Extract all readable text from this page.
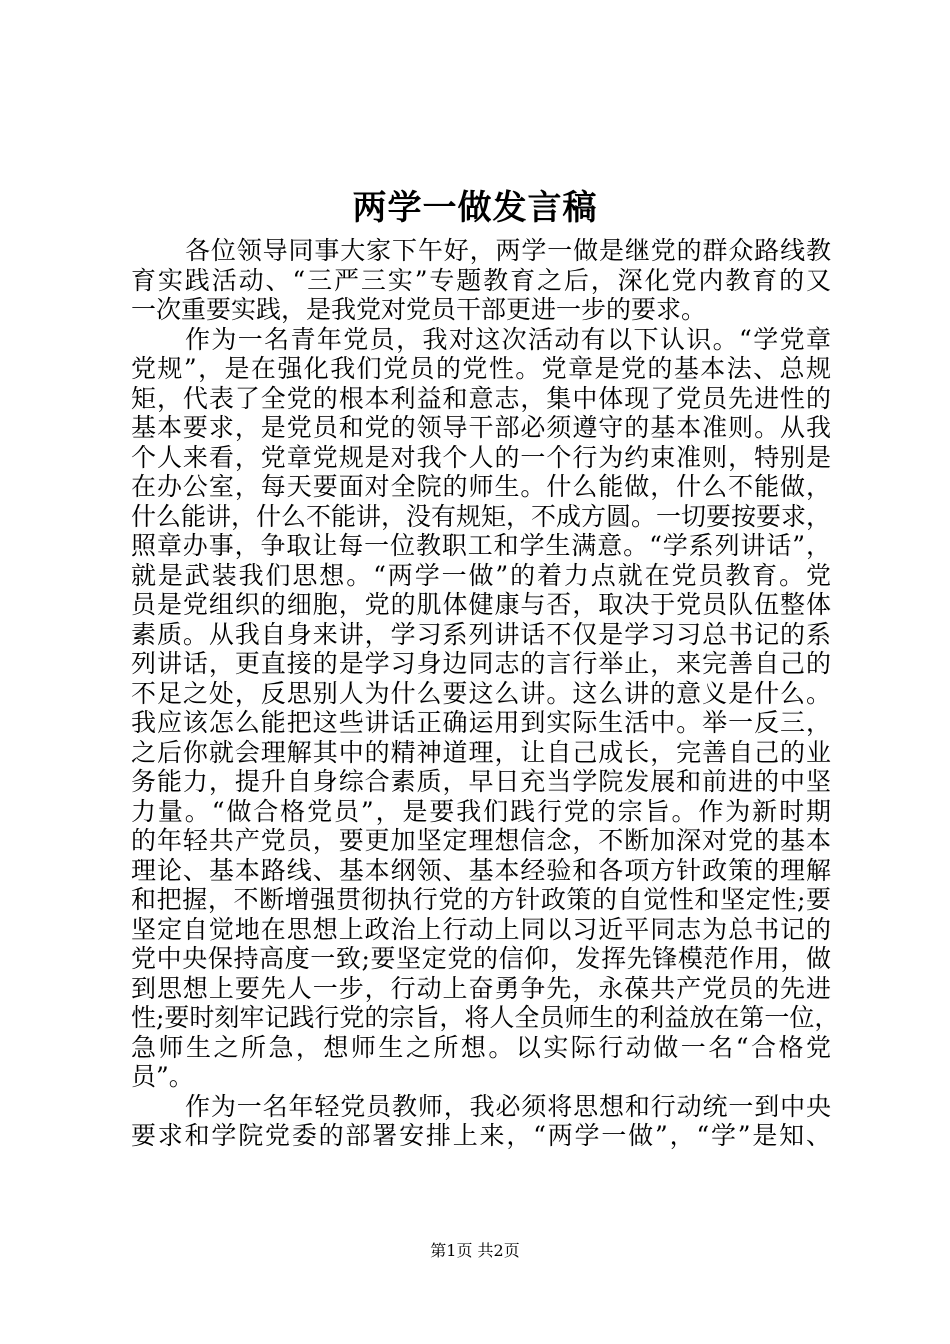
两学一做发言稿
各位领导同事大家下午好，两学一做是继党的群众路线教
育实践活动、“三严三实”专题教育之后，深化党内教育的又
一次重要实践，是我党对党员干部更进一步的要求。
作为一名青年党员，我对这次活动有以下认识。“学党章
党规”，是在强化我们党员的党性。党章是党的基本法、总规
矩，代表了全党的根本利益和意志，集中体现了党员先进性的
基本要求，是党员和党的领导干部必须遵守的基本准则。从我
个人来看，党章党规是对我个人的一个行为约束准则，特别是
在办公室，每天要面对全院的师生。什么能做，什么不能做，
什么能讲，什么不能讲，没有规矩，不成方圆。一切要按要求，
照章办事，争取让每一位教职工和学生满意。“学系列讲话”，
就是武装我们思想。“两学一做”的着力点就在党员教育。党
员是党组织的细胞，党的肌体健康与否，取决于党员队伍整体
素质。从我自身来讲，学习系列讲话不仅是学习习总书记的系
列讲话，更直接的是学习身边同志的言行举止，来完善自己的
不足之处，反思别人为什么要这么讲。这么讲的意义是什么。
我应该怎么能把这些讲话正确运用到实际生活中。举一反三，
之后你就会理解其中的精神道理，让自己成长，完善自己的业
务能力，提升自身综合素质，早日充当学院发展和前进的中坚
力量。“做合格党员”，是要我们践行党的宗旨。作为新时期
的年轻共产党员，要更加坚定理想信念，不断加深对党的基本
理论、基本路线、基本纲领、基本经验和各项方针政策的理解
和把握，不断增强贯彻执行党的方针政策的自觉性和坚定性;要
坚定自觉地在思想上政治上行动上同以习近平同志为总书记的
党中央保持高度一致;要坚定党的信仰，发挥先锋模范作用，做
到思想上要先人一步，行动上奋勇争先，永葆共产党员的先进
性;要时刻牢记践行党的宗旨，将人全员师生的利益放在第一位，
急师生之所急，想师生之所想。以实际行动做一名“合格党
员”。
作为一名年轻党员教师，我必须将思想和行动统一到中央
要求和学院党委的部署安排上来，“两学一做”，“学”是知、
第1页 共2页
